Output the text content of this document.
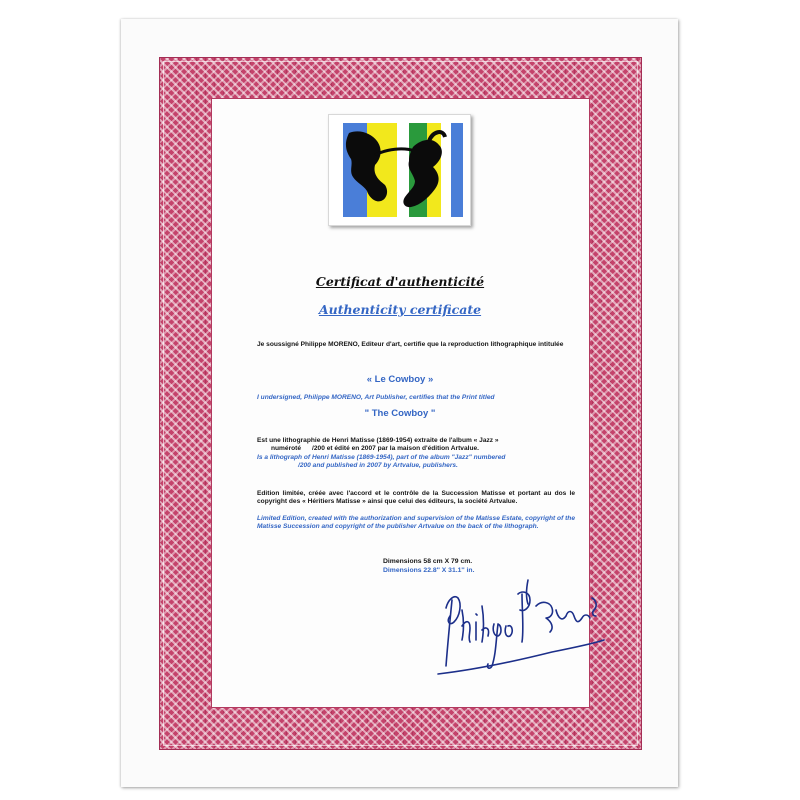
Certificat d'authenticité

Authenticity certificate

Je soussigné Philippe MORENO, Editeur d'art, certifie que la reproduction lithographique intitulée

« Le Cowboy »

I undersigned, Philippe MORENO, Art Publisher, certifies that the Print titled

" The Cowboy "

Est une lithographie de Henri Matisse (1869-1954) extraite de l'album « Jazz »

numéroté      /200 et édité en 2007 par la maison d'édition Artvalue.

Is a lithograph of Henri Matisse (1869-1954), part of the album "Jazz" numbered

/200 and published in 2007 by Artvalue, publishers.

Edition limitée, créée avec l'accord et le contrôle de la Succession Matisse et portant au dos le copyright des « Héritiers Matisse » ainsi que celui des éditeurs, la société Artvalue.

Limited Edition, created with the authorization and supervision of the Matisse Estate, copyright of the Matisse Succession and copyright of the publisher Artvalue on the back of the lithograph.

Dimensions 58 cm X 79 cm.

Dimensions 22.8'' X 31.1'' in.
